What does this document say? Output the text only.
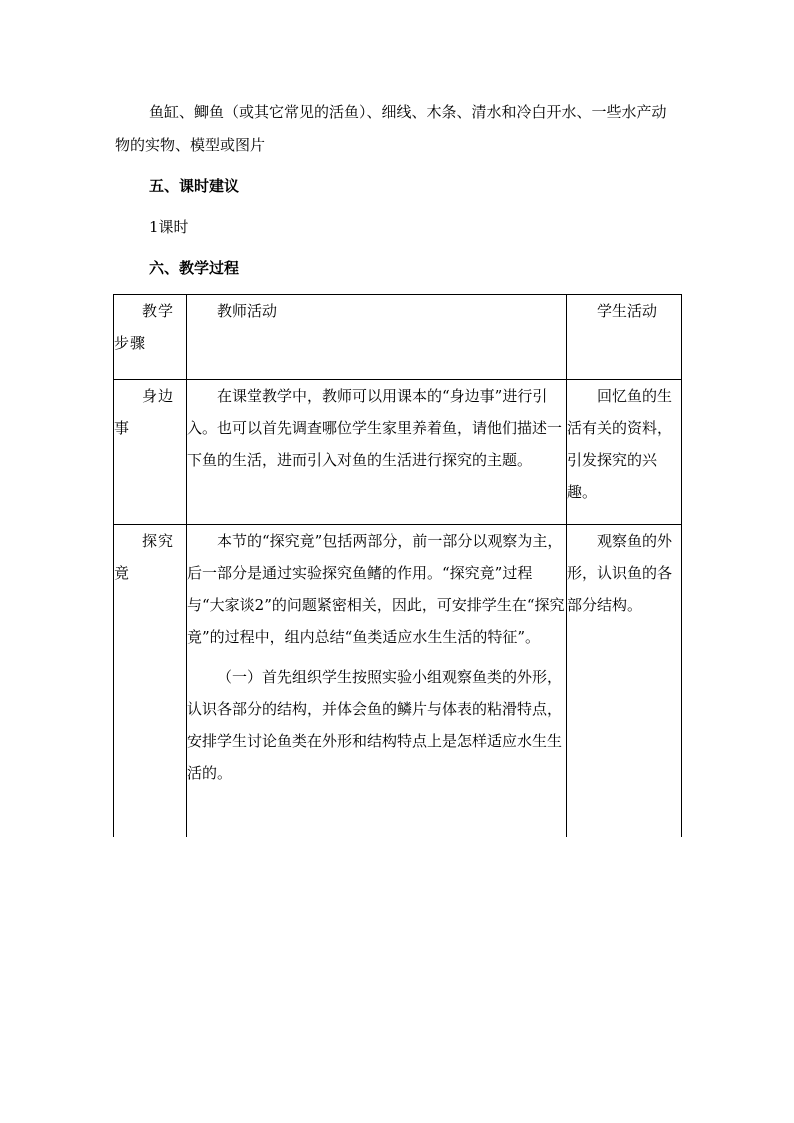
鱼缸、鲫鱼（或其它常见的活鱼）、细线、木条、清水和冷白开水、一些水产动物的实物、模型或图片

五、课时建议

1课时

六、教学过程

教学步骤	教师活动	学生活动
身边事	在课堂教学中，教师可以用课本的“身边事”进行引入。也可以首先调查哪位学生家里养着鱼，请他们描述一下鱼的生活，进而引入对鱼的生活进行探究的主题。	回忆鱼的生活有关的资料，引发探究的兴趣。
探究竟	本节的“探究竟”包括两部分，前一部分以观察为主，后一部分是通过实验探究鱼鳍的作用。“探究竟”过程与“大家谈2”的问题紧密相关，因此，可安排学生在“探究竟”的过程中，组内总结“鱼类适应水生生活的特征”。

（一）首先组织学生按照实验小组观察鱼类的外形，认识各部分的结构，并体会鱼的鳞片与体表的粘滑特点，安排学生讨论鱼类在外形和结构特点上是怎样适应水生生活的。	观察鱼的外形，认识鱼的各部分结构。
